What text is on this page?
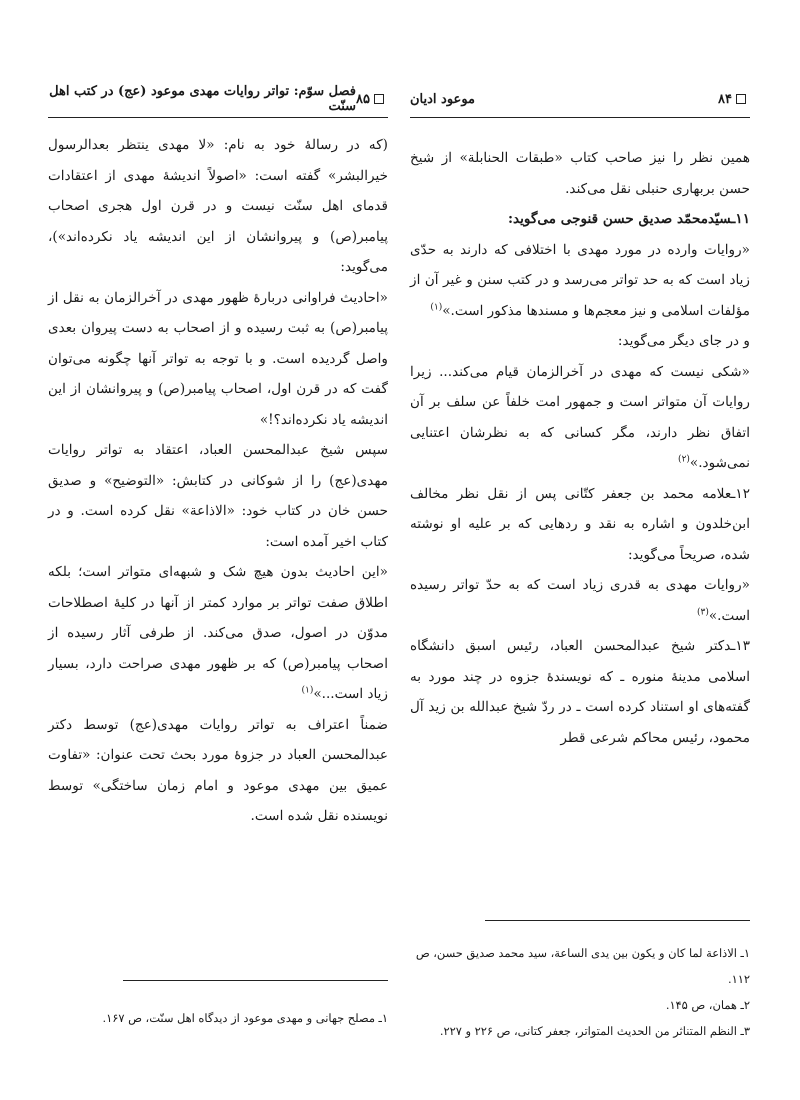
۸۴
موعود ادیان

همین نظر را نیز صاحب کتاب «طبقات الحنابلة» از شیخ حسن بربهاری حنبلی نقل می‌کند.

۱۱ـسیّدمحمّد صدیق حسن قنوجی می‌گوید:

«روایات وارده در مورد مهدی با اختلافی که دارند به حدّی زیاد است که به حد تواتر می‌رسد و در کتب سنن و غیر آن از مؤلفات اسلامی و نیز معجم‌ها و مسندها مذکور است.»$^{(۱)}$

و در جای دیگر می‌گوید:

«شکی نیست که مهدی در آخرالزمان قیام می‌کند... زیرا روایات آن متواتر است و جمهور امت خلفاً عن سلف بر آن اتفاق نظر دارند، مگر کسانی که به نظرشان اعتنایی نمی‌شود.»$^{(۲)}$

۱۲ـعلامه محمد بن جعفر کتّانی پس از نقل نظر مخالف ابن‌خلدون و اشاره به نقد و ردهایی که بر علیه او نوشته شده، صریحاً می‌گوید:

«روایات مهدی به قدری زیاد است که به حدّ تواتر رسیده است.»$^{(۳)}$

۱۳ـدکتر شیخ عبدالمحسن العباد، رئیس اسبق دانشگاه اسلامی مدینهٔ منوره ـ که نویسندهٔ جزوه در چند مورد به گفته‌های او استناد کرده است ـ در ردّ شیخ عبدالله بن زید آل محمود، رئیس محاکم شرعی قطر

۱ـ الاذاعة لما کان و یکون بین یدی الساعة، سید محمد صدیق حسن، ص ۱۱۲.

۲ـ همان، ص ۱۴۵.

۳ـ النظم المتناثر من الحدیث المتواتر، جعفر کتانی، ص ۲۲۶ و ۲۲۷.

۸۵
فصل سوّم: تواتر روایات مهدی موعود (عج) در کتب اهل سنّت

(که در رسالهٔ خود به نام: «لا مهدی ینتظر بعدالرسول خیرالبشر» گفته است: «اصولاً اندیشهٔ مهدی از اعتقادات قدمای اهل سنّت نیست و در قرن اول هجری اصحاب پیامبر(ص) و پیروانشان از این اندیشه یاد نکرده‌اند»)، می‌گوید:

«احادیث فراوانی دربارهٔ ظهور مهدی در آخرالزمان به نقل از پیامبر(ص) به ثبت رسیده و از اصحاب به دست پیروان بعدی واصل گردیده است. و با توجه به تواتر آنها چگونه می‌توان گفت که در قرن اول، اصحاب پیامبر(ص) و پیروانشان از این اندیشه یاد نکرده‌اند؟!»

سپس شیخ عبدالمحسن العباد، اعتقاد به تواتر روایات مهدی(عج) را از شوکانی در کتابش: «التوضیح» و صدیق حسن خان در کتاب خود: «الاذاعة» نقل کرده است. و در کتاب اخیر آمده است:

«این احادیث بدون هیچ شک و شبهه‌ای متواتر است؛ بلکه اطلاق صفت تواتر بر موارد کمتر از آنها در کلیهٔ اصطلاحات مدوّن در اصول، صدق می‌کند. از طرفی آثار رسیده از اصحاب پیامبر(ص) که بر ظهور مهدی صراحت دارد، بسیار زیاد است...»$^{(۱)}$

ضمناً اعتراف به تواتر روایات مهدی(عج) توسط دکتر عبدالمحسن العباد در جزوهٔ مورد بحث تحت عنوان: «تفاوت عمیق بین مهدی موعود و امام زمان ساختگی» توسط نویسنده نقل شده است.

۱ـ مصلح جهانی و مهدی موعود از دیدگاه اهل سنّت، ص ۱۶۷.
